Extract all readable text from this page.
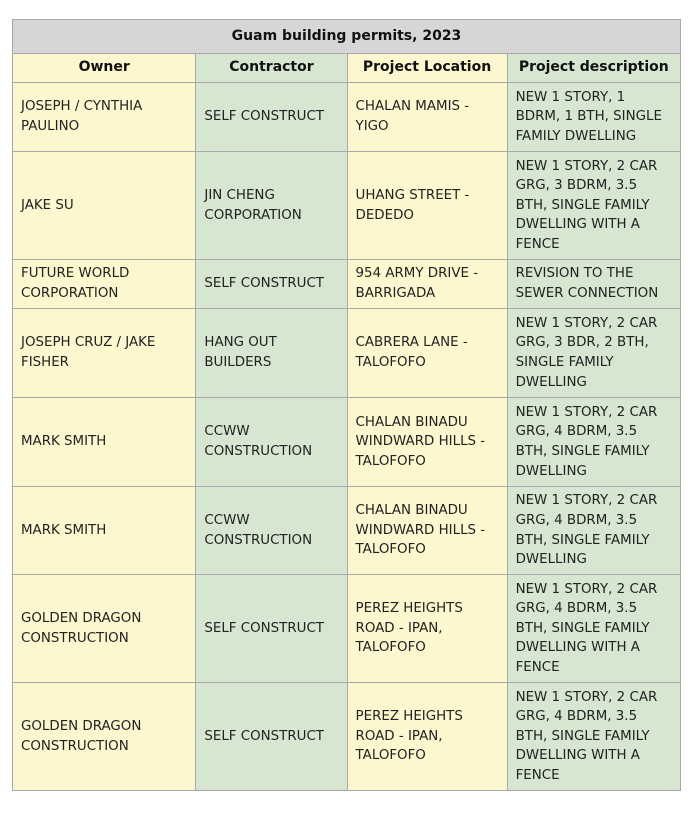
Guam building permits, 2023			
Owner	Contractor	Project Location	Project description
JOSEPH / CYNTHIA PAULINO	SELF CONSTRUCT	CHALAN MAMIS - YIGO	NEW 1 STORY, 1 BDRM, 1 BTH, SINGLE FAMILY DWELLING
JAKE SU	JIN CHENG CORPORATION	UHANG STREET - DEDEDO	NEW 1 STORY, 2 CAR GRG, 3 BDRM, 3.5 BTH, SINGLE FAMILY DWELLING WITH A FENCE
FUTURE WORLD CORPORATION	SELF CONSTRUCT	954 ARMY DRIVE - BARRIGADA	REVISION TO THE SEWER CONNECTION
JOSEPH CRUZ / JAKE FISHER	HANG OUT BUILDERS	CABRERA LANE - TALOFOFO	NEW 1 STORY, 2 CAR GRG, 3 BDR, 2 BTH, SINGLE FAMILY DWELLING
MARK SMITH	CCWW CONSTRUCTION	CHALAN BINADU WINDWARD HILLS - TALOFOFO	NEW 1 STORY, 2 CAR GRG, 4 BDRM, 3.5 BTH, SINGLE FAMILY DWELLING
MARK SMITH	CCWW CONSTRUCTION	CHALAN BINADU WINDWARD HILLS - TALOFOFO	NEW 1 STORY, 2 CAR GRG, 4 BDRM, 3.5 BTH, SINGLE FAMILY DWELLING
GOLDEN DRAGON CONSTRUCTION	SELF CONSTRUCT	PEREZ HEIGHTS ROAD - IPAN, TALOFOFO	NEW 1 STORY, 2 CAR GRG, 4 BDRM, 3.5 BTH, SINGLE FAMILY DWELLING WITH A FENCE
GOLDEN DRAGON CONSTRUCTION	SELF CONSTRUCT	PEREZ HEIGHTS ROAD - IPAN, TALOFOFO	NEW 1 STORY, 2 CAR GRG, 4 BDRM, 3.5 BTH, SINGLE FAMILY DWELLING WITH A FENCE
